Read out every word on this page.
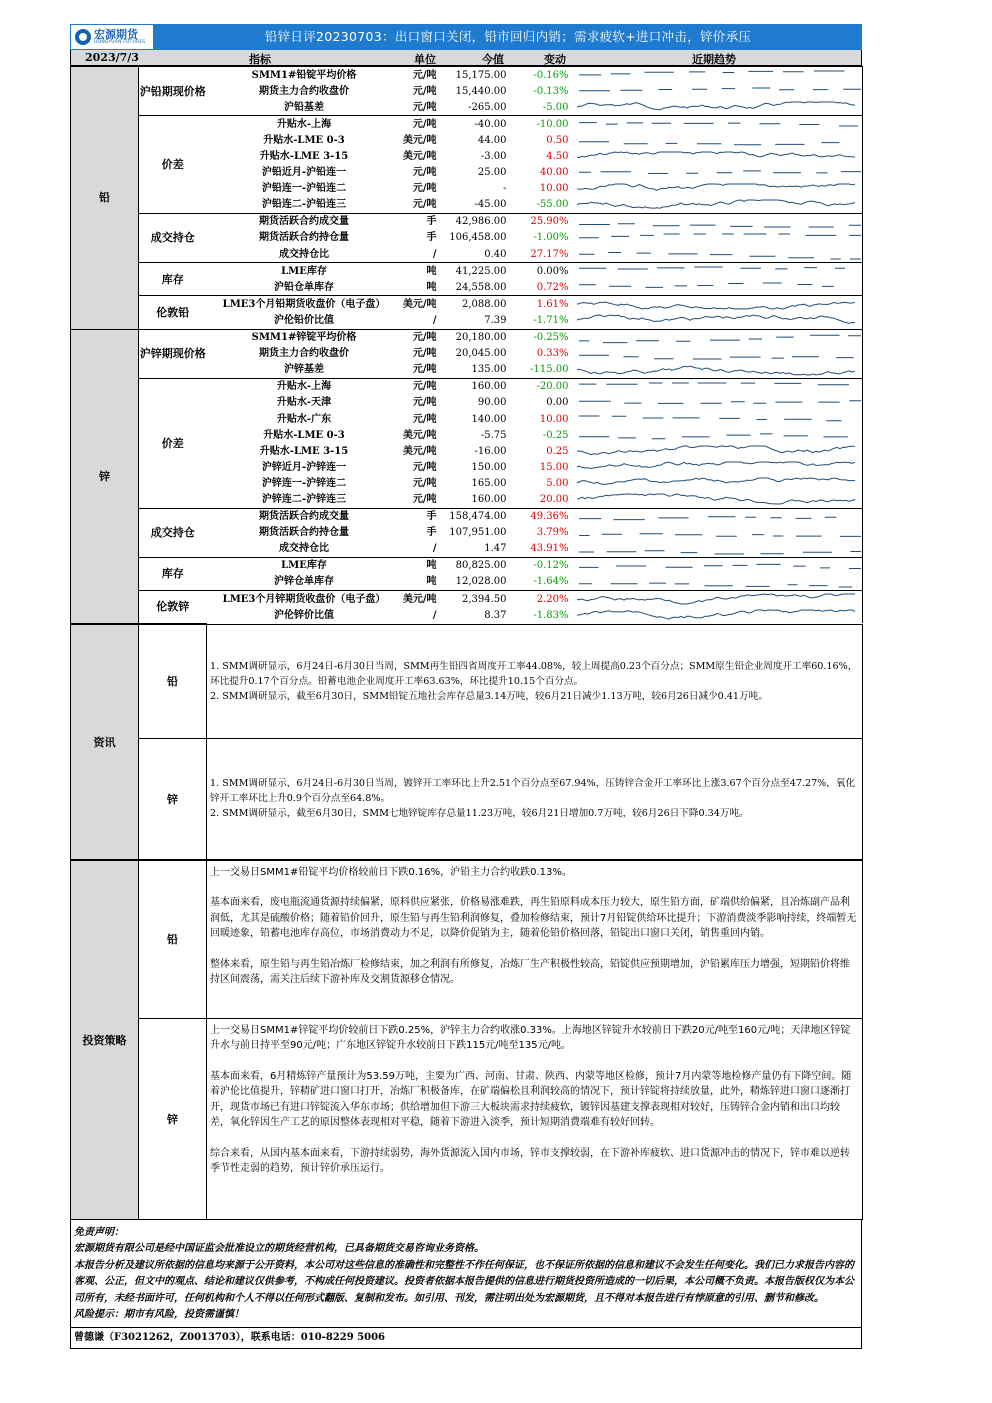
宏源期货
HONGYUAN FUTURES	铅锌日评20230703：出口窗口关闭，铅市回归内销；需求疲软+进口冲击，锌价承压
2023/7/3	指标	单位	今值	变动	近期趋势
铅	沪铅期现价格	SMM1#铅锭平均价格	元/吨	15,175.00	-0.16%	

		期货主力合约收盘价	元/吨	15,440.00	-0.13%	

		沪铅基差	元/吨	-265.00	-5.00	

	价差	升贴水-上海	元/吨	-40.00	-10.00	

		升贴水-LME 0-3	美元/吨	44.00	0.50	

		升贴水-LME 3-15	美元/吨	-3.00	4.50	

		沪铅近月-沪铅连一	元/吨	25.00	40.00	

		沪铅连一-沪铅连二	元/吨	-	10.00	

		沪铅连二-沪铅连三	元/吨	-45.00	-55.00	

	成交持仓	期货活跃合约成交量	手	42,986.00	25.90%	

		期货活跃合约持仓量	手	106,458.00	-1.00%	

		成交持仓比	/	0.40	27.17%	

	库存	LME库存	吨	41,225.00	0.00%	

		沪铅仓单库存	吨	24,558.00	0.72%	

	伦敦铅	LME3个月铅期货收盘价（电子盘）	美元/吨	2,088.00	1.61%	

		沪伦铅价比值	/	7.39	-1.71%	

锌	沪锌期现价格	SMM1#锌锭平均价格	元/吨	20,180.00	-0.25%	

		期货主力合约收盘价	元/吨	20,045.00	0.33%	

		沪锌基差	元/吨	135.00	-115.00	

	价差	升贴水-上海	元/吨	160.00	-20.00	

		升贴水-天津	元/吨	90.00	0.00	

		升贴水-广东	元/吨	140.00	10.00	

		升贴水-LME 0-3	美元/吨	-5.75	-0.25	

		升贴水-LME 3-15	美元/吨	-16.00	0.25	

		沪锌近月-沪锌连一	元/吨	150.00	15.00	

		沪锌连一-沪锌连二	元/吨	165.00	5.00	

		沪锌连二-沪锌连三	元/吨	160.00	20.00	

	成交持仓	期货活跃合约成交量	手	158,474.00	49.36%	

		期货活跃合约持仓量	手	107,951.00	3.79%	

		成交持仓比	/	1.47	43.91%	

	库存	LME库存	吨	80,825.00	-0.12%	

		沪锌仓单库存	吨	12,028.00	-1.64%	

	伦敦锌	LME3个月锌期货收盘价（电子盘）	美元/吨	2,394.50	2.20%	

		沪伦锌价比值	/	8.37	-1.83%	
资讯	铅	1. SMM调研显示，6月24日-6月30日当周，SMM再生铅四省周度开工率44.08%，较上周提高0.23个百分点；SMM原生铅企业周度开工率60.16%，环比提升0.17个百分点。铅蓄电池企业周度开工率63.63%，环比提升10.15个百分点。

2. SMM调研显示，截至6月30日，SMM铅锭五地社会库存总量3.14万吨，较6月21日减少1.13万吨，较6月26日减少0.41万吨。

	锌	1. SMM调研显示，6月24日-6月30日当周，镀锌开工率环比上升2.51个百分点至67.94%，压铸锌合金开工率环比上涨3.67个百分点至47.27%，氧化锌开工率环比上升0.9个百分点至64.8%。

2. SMM调研显示，截至6月30日，SMM七地锌锭库存总量11.23万吨，较6月21日增加0.7万吨，较6月26日下降0.34万吨。

投资策略	铅	上一交易日SMM1#铅锭平均价格较前日下跌0.16%，沪铅主力合约收跌0.13%。

基本面来看，废电瓶流通货源持续偏紧，原料供应紧张，价格易涨难跌，再生铅原料成本压力较大，原生铅方面，矿端供给偏紧，且冶炼副产品利润低，尤其是硫酸价格；随着铅价回升，原生铅与再生铅利润修复，叠加检修结束，预计7月铅锭供给环比提升；下游消费淡季影响持续，终端暂无回暖迹象，铅蓄电池库存高位，市场消费动力不足，以降价促销为主，随着伦铅价格回落，铅锭出口窗口关闭，销售重回内销。

整体来看，原生铅与再生铅冶炼厂检修结束，加之利润有所修复，冶炼厂生产积极性较高，铅锭供应预期增加，沪铅累库压力增强，短期铅价将维持区间震荡，需关注后续下游补库及交割货源移仓情况。

	锌	上一交易日SMM1#锌锭平均价较前日下跌0.25%，沪锌主力合约收涨0.33%。上海地区锌锭升水较前日下跌20元/吨至160元/吨；天津地区锌锭升水与前日持平至90元/吨；广东地区锌锭升水较前日下跌115元/吨至135元/吨。

基本面来看，6月精炼锌产量预计为53.59万吨，主要为广西、河南、甘肃、陕西、内蒙等地区检修，预计7月内蒙等地检修产量仍有下降空间。随着沪伦比值提升，锌精矿进口窗口打开，冶炼厂积极备库，在矿端偏松且利润较高的情况下，预计锌锭将持续放量，此外，精炼锌进口窗口逐渐打开，现货市场已有进口锌锭流入华东市场；供给增加但下游三大板块需求持续疲软，镀锌因基建支撑表现相对较好，压铸锌合金内销和出口均较差，氧化锌因生产工艺的原因整体表现相对平稳，随着下游进入淡季，预计短期消费端难有较好回转。

综合来看，从国内基本面来看，下游持续弱势，海外货源流入国内市场，锌市支撑较弱，在下游补库疲软、进口货源冲击的情况下，锌市难以逆转季节性走弱的趋势，预计锌价承压运行。

免责声明：

宏源期货有限公司是经中国证监会批准设立的期货经营机构，已具备期货交易咨询业务资格。

本报告分析及建议所依据的信息均来源于公开资料，本公司对这些信息的准确性和完整性不作任何保证，也不保证所依据的信息和建议不会发生任何变化。我们已力求报告内容的客观、公正，但文中的观点、结论和建议仅供参考，不构成任何投资建议。投资者依据本报告提供的信息进行期货投资所造成的一切后果，本公司概不负责。本报告版权仅为本公司所有，未经书面许可，任何机构和个人不得以任何形式翻版、复制和发布。如引用、刊发，需注明出处为宏源期货，且不得对本报告进行有悖原意的引用、删节和修改。

风险提示：期市有风险，投资需谨慎！

曾德谦（F3021262，Z0013703），联系电话：010-8229 5006
